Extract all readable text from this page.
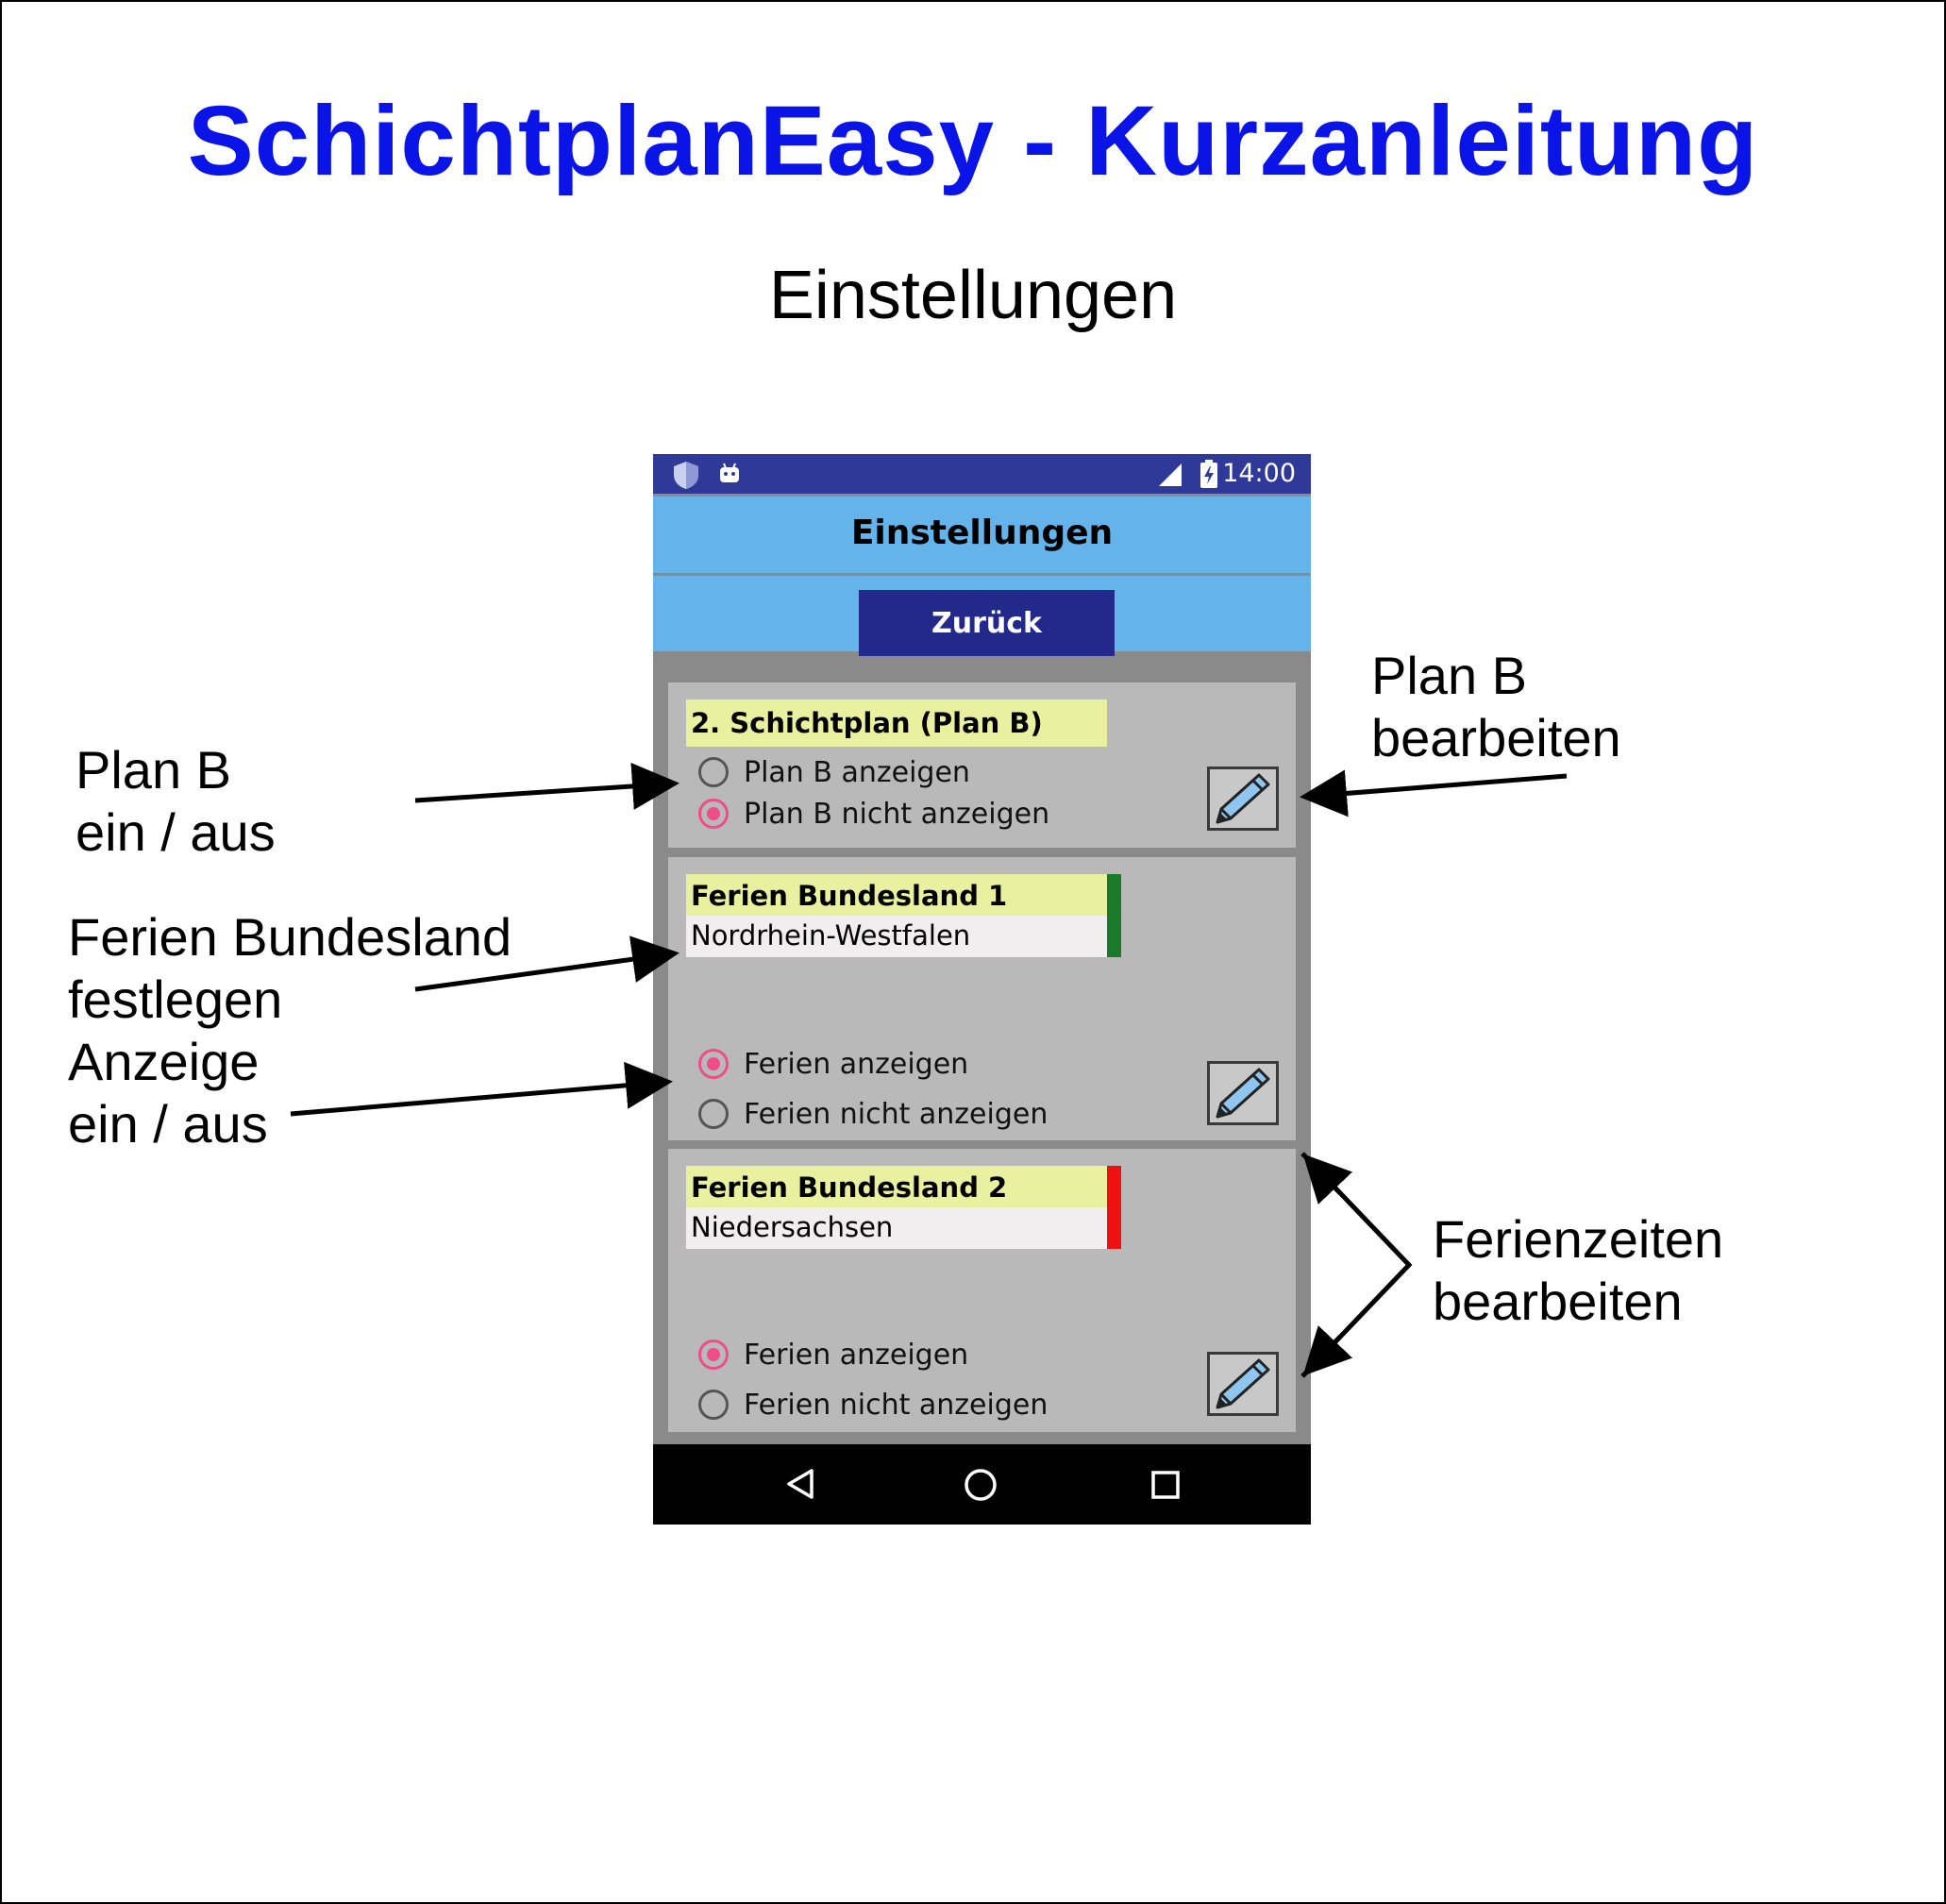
SchichtplanEasy - Kurzanleitung
Einstellungen
Plan B
ein / aus
Plan B
bearbeiten
Ferien Bundesland
festlegen
Anzeige
ein / aus
Ferienzeiten
bearbeiten
14:00
Einstellungen
Zurück
2. Schichtplan (Plan B)
Plan B anzeigen
Plan B nicht anzeigen
Ferien Bundesland 1
Nordrhein-Westfalen
Ferien anzeigen
Ferien nicht anzeigen
Ferien Bundesland 2
Niedersachsen
Ferien anzeigen
Ferien nicht anzeigen
